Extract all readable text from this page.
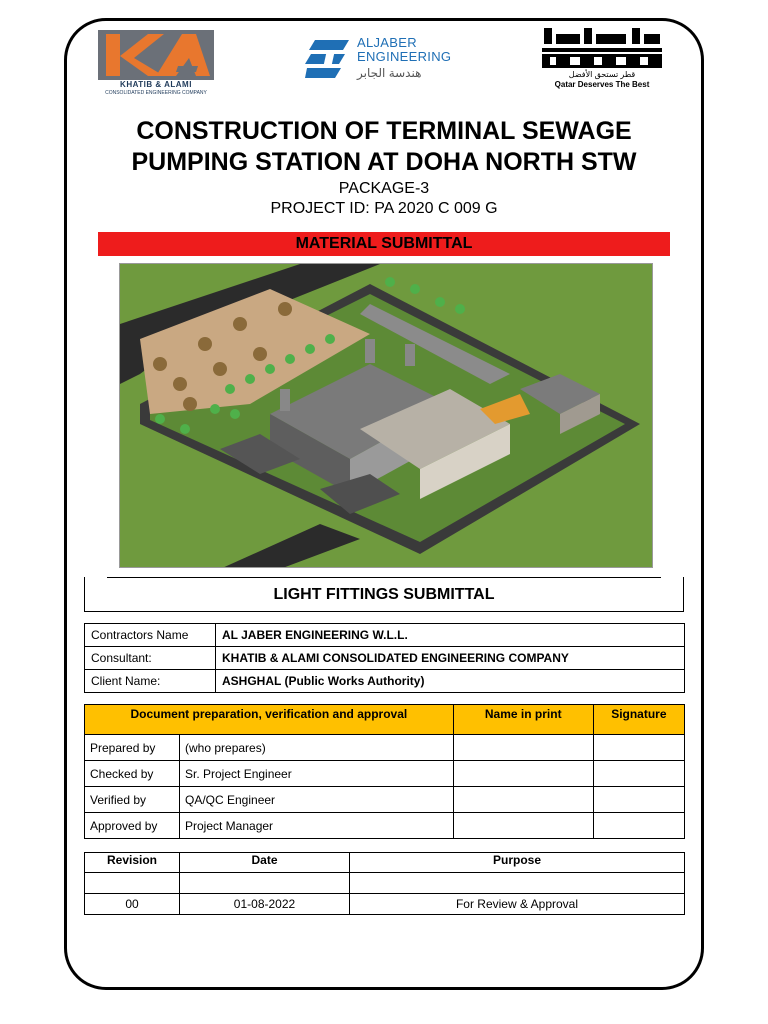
KHATIB & ALAMI
CONSOLIDATED ENGINEERING COMPANY
ALJABER
ENGINEERING
هندسة الجابر	قطر تستحق الأفضل
Qatar Deserves The Best
CONSTRUCTION OF TERMINAL SEWAGE
PUMPING STATION AT DOHA NORTH STW
PACKAGE-3
PROJECT ID: PA 2020 C 009 G
MATERIAL SUBMITTAL
LIGHT FITTINGS SUBMITTAL
Contractors Name	AL JABER ENGINEERING W.L.L.
Consultant:	KHATIB & ALAMI CONSOLIDATED ENGINEERING COMPANY
Client Name:	ASHGHAL (Public Works Authority)
Document preparation, verification and approval		Name in print	Signature
Prepared by	(who prepares)		
Checked by	Sr. Project Engineer		
Verified by	QA/QC Engineer		
Approved by	Project Manager		
Revision	Date	Purpose

00	01-08-2022	For Review & Approval
